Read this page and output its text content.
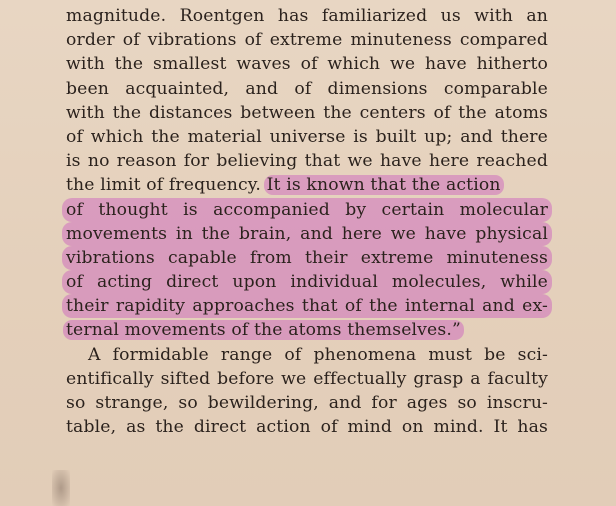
magnitude. Roentgen has familiarized us with an
order of vibrations of extreme minuteness compared
with the smallest waves of which we have hitherto
been acquainted, and of dimensions comparable
with the distances between the centers of the atoms
of which the material universe is built up; and there
is no reason for believing that we have here reached
the limit of frequency. It is known that the action
of thought is accompanied by certain molecular
movements in the brain, and here we have physical
vibrations capable from their extreme minuteness
of acting direct upon individual molecules, while
their rapidity approaches that of the internal and ex-
ternal movements of the atoms themselves.”
A formidable range of phenomena must be sci-
entifically sifted before we effectually grasp a faculty
so strange, so bewildering, and for ages so inscru-
table, as the direct action of mind on mind. It has
